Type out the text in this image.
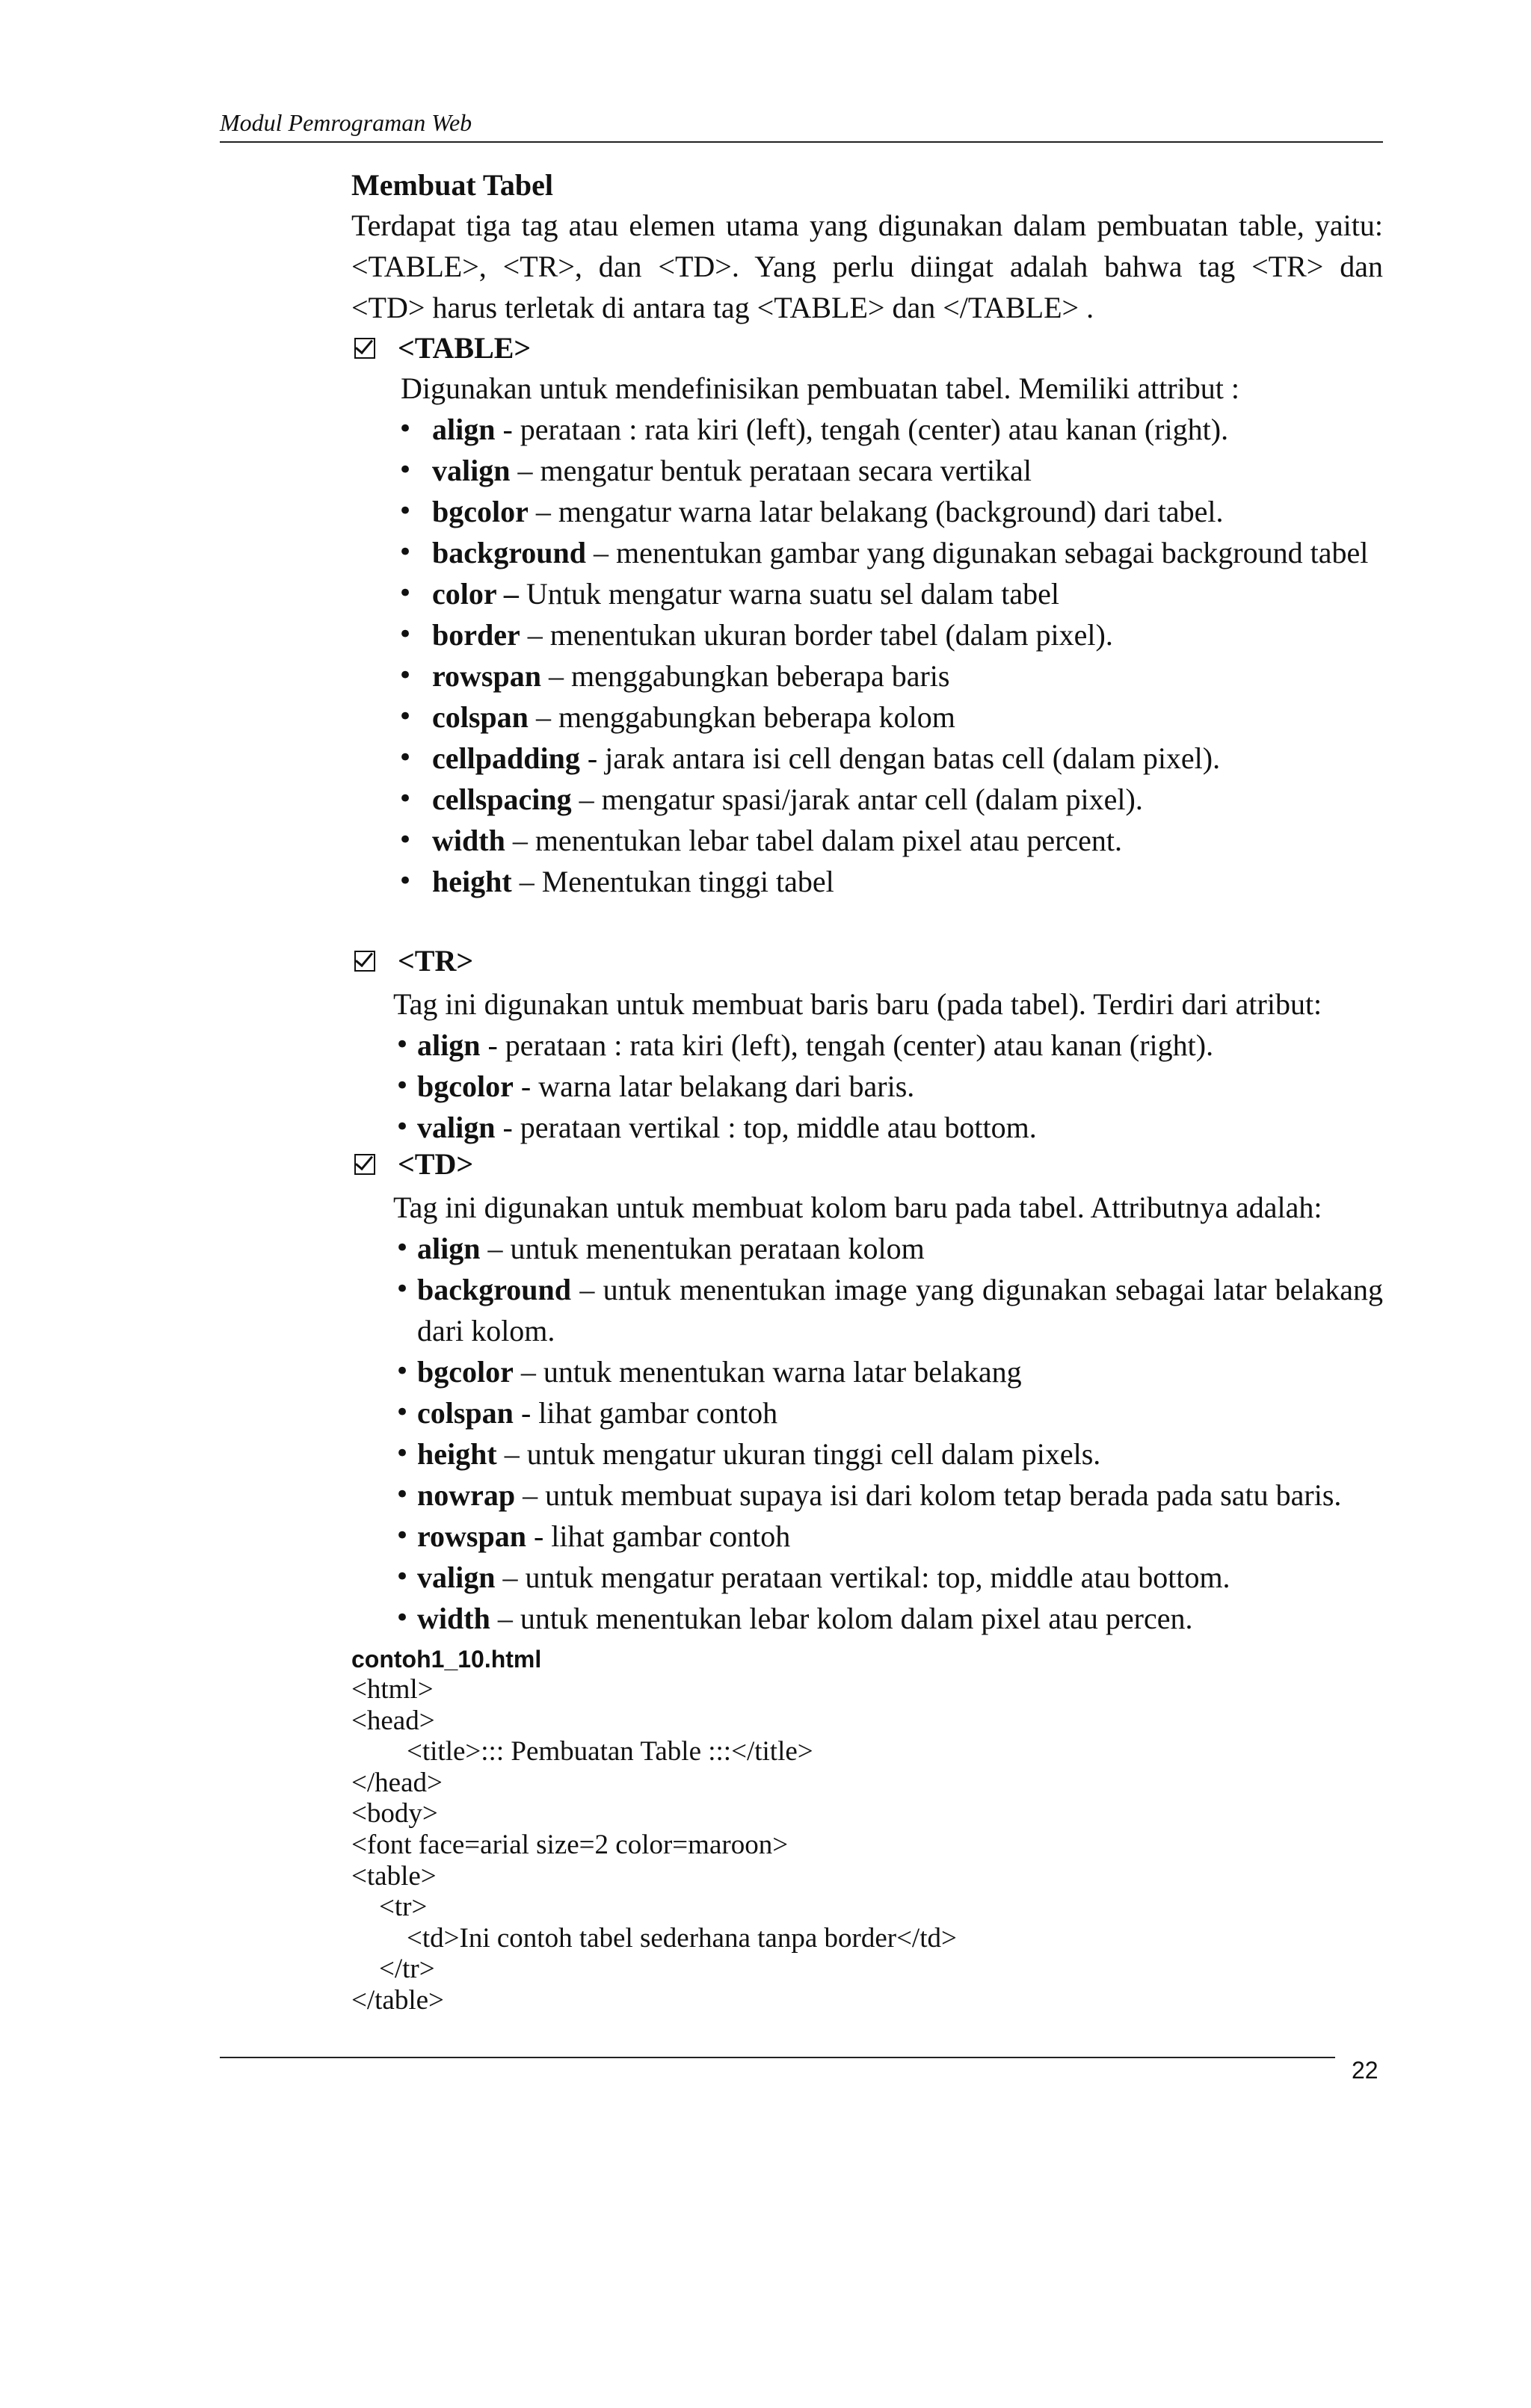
Modul Pemrograman Web
Membuat Tabel
Terdapat tiga tag atau elemen utama yang digunakan dalam pembuatan table, yaitu:
<TABLE>, <TR>, dan <TD>. Yang perlu diingat adalah bahwa tag <TR> dan
<TD> harus terletak di antara tag <TABLE> dan </TABLE> .
<TABLE>
Digunakan untuk mendefinisikan pembuatan tabel. Memiliki attribut :
• align - perataan : rata kiri (left), tengah (center) atau kanan (right).
• valign – mengatur bentuk perataan secara vertikal
• bgcolor – mengatur warna latar belakang (background) dari tabel.
• background – menentukan gambar yang digunakan sebagai background tabel
• color – Untuk mengatur warna suatu sel dalam tabel
• border – menentukan ukuran border tabel (dalam pixel).
• rowspan – menggabungkan beberapa baris
• colspan – menggabungkan beberapa kolom
• cellpadding - jarak antara isi cell dengan batas cell (dalam pixel).
• cellspacing – mengatur spasi/jarak antar cell (dalam pixel).
• width – menentukan lebar tabel dalam pixel atau percent.
• height – Menentukan tinggi tabel
<TR>
Tag ini digunakan untuk membuat baris baru (pada tabel). Terdiri dari atribut:
• align - perataan : rata kiri (left), tengah (center) atau kanan (right).
• bgcolor - warna latar belakang dari baris.
• valign - perataan vertikal : top, middle atau bottom.
<TD>
Tag ini digunakan untuk membuat kolom baru pada tabel. Attributnya adalah:
• align – untuk menentukan perataan kolom
• background – untuk menentukan image yang digunakan sebagai latar belakang dari kolom.
• bgcolor – untuk menentukan warna latar belakang
• colspan - lihat gambar contoh
• height – untuk mengatur ukuran tinggi cell dalam pixels.
• nowrap – untuk membuat supaya isi dari kolom tetap berada pada satu baris.
• rowspan - lihat gambar contoh
• valign – untuk mengatur perataan vertikal: top, middle atau bottom.
• width – untuk menentukan lebar kolom dalam pixel atau percen.
contoh1_10.html
<html>
<head>
<title>::: Pembuatan Table :::</title>
</head>
<body>
<font face=arial size=2 color=maroon>
<table>
<tr>
<td>Ini contoh tabel sederhana tanpa border</td>
</tr>
</table>
22
